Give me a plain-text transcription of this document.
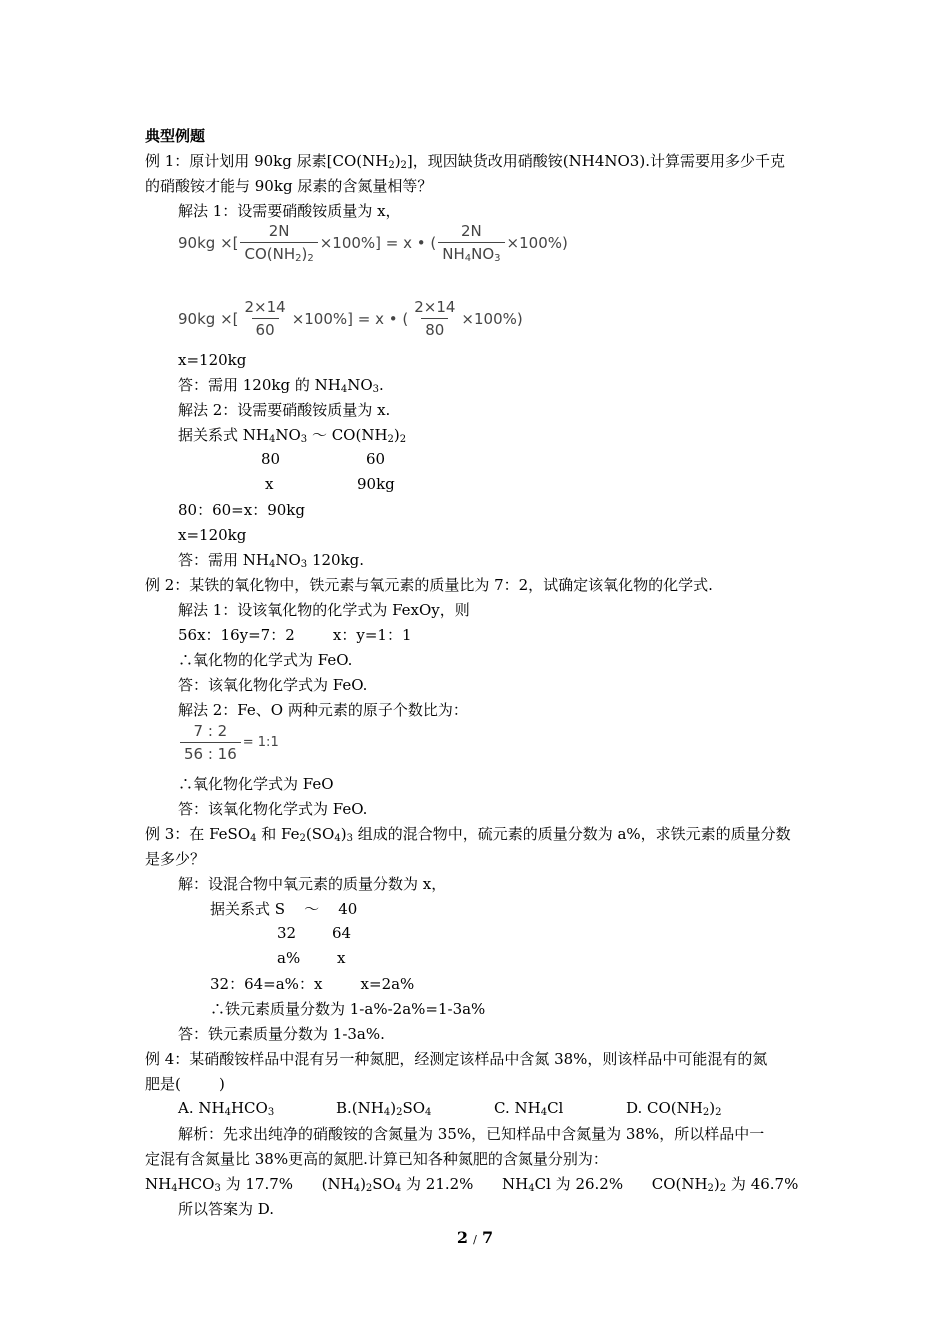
典型例题
例 1：原计划用 90kg 尿素$[CO(NH_2)_2]$，现因缺货改用硝酸铵(NH4NO3).计算需要用多少千克
的硝酸铵才能与 90kg 尿素的含氮量相等？
解法 1：设需要硝酸铵质量为 x，
90kg ×[ $\frac{2N}{CO(NH_2)_2} \times 100\%] = x$ • ( $\frac{2N}{NH_4NO_3} \times 100\%$)
90kg ×[ $\frac{2\times 14}{60} \times 100\%] = x$ • ( $\frac{2\times 14}{80} \times 100\%$)
x=120kg
答：需用 120kg 的 $NH_4NO_3$.
解法 2：设需要硝酸铵质量为 x.
据关系式 $NH_4NO_3$ ～ $CO(NH_2)_2$
80	60
x	90kg
80：60=x：90kg
x=120kg
答：需用 $NH_4NO_3$ 120kg.
例 2：某铁的氧化物中，铁元素与氧元素的质量比为 7：2，试确定该氧化物的化学式.
解法 1：设该氧化物的化学式为 FexOy，则
56x：16y=7：2        x：y=1：1
∴氧化物的化学式为 FeO.
答：该氧化物化学式为 FeO.
解法 2：Fe、O 两种元素的原子个数比为：
$\frac{7 : 2}{56 : 16}$ = 1:1
∴氧化物化学式为 FeO
答：该氧化物化学式为 FeO.
例 3：在 FeSO$_4$ 和 $Fe_2(SO_4)_3$ 组成的混合物中，硫元素的质量分数为 a%，求铁元素的质量分数
是多少？
解：设混合物中氧元素的质量分数为 x，
据关系式 S    ～    40
32 64
a% x
32：64=a%：x        x=2a%
∴铁元素质量分数为 1-a%-2a%=1-3a%
答：铁元素质量分数为 1-3a%.
例 4：某硝酸铵样品中混有另一种氮肥，经测定该样品中含氮 38%，则该样品中可能混有的氮
肥是(        )
A. $NH_4HCO_3$	$B.(NH_4)_2SO_4$	C. $NH_4Cl$	D. $CO(NH_2)_2$
解析：先求出纯净的硝酸铵的含氮量为 35%，已知样品中含氮量为 38%，所以样品中一
定混有含氮量比 38%更高的氮肥.计算已知各种氮肥的含氮量分别为：
$NH_4HCO_3$ 为 17.7%      $(NH_4)_2SO_4$ 为 21.2%      $NH_4Cl$ 为 26.2%      $CO(NH_2)_2$ 为 46.7%
所以答案为 D.
2 / 7
